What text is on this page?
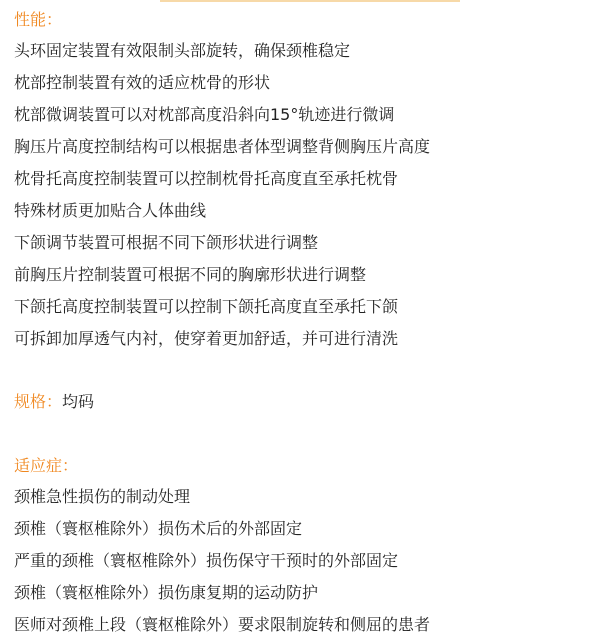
性能：
头环固定装置有效限制头部旋转，确保颈椎稳定
枕部控制装置有效的适应枕骨的形状
枕部微调装置可以对枕部高度沿斜向15°轨迹进行微调
胸压片高度控制结构可以根据患者体型调整背侧胸压片高度
枕骨托高度控制装置可以控制枕骨托高度直至承托枕骨
特殊材质更加贴合人体曲线
下颌调节装置可根据不同下颌形状进行调整
前胸压片控制装置可根据不同的胸廓形状进行调整
下颌托高度控制装置可以控制下颌托高度直至承托下颌
可拆卸加厚透气内衬，使穿着更加舒适，并可进行清洗
规格：均码
适应症：
颈椎急性损伤的制动处理
颈椎（寰枢椎除外）损伤术后的外部固定
严重的颈椎（寰枢椎除外）损伤保守干预时的外部固定
颈椎（寰枢椎除外）损伤康复期的运动防护
医师对颈椎上段（寰枢椎除外）要求限制旋转和侧屈的患者
